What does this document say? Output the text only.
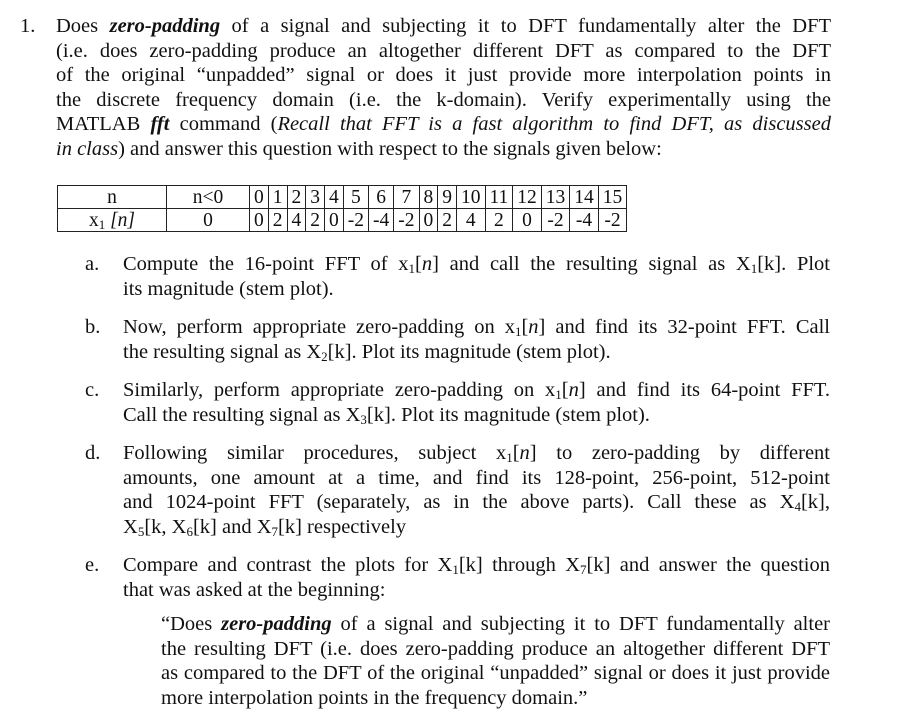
1. Does zero-padding of a signal and subjecting it to DFT fundamentally alter the DFT
(i.e. does zero-padding produce an altogether different DFT as compared to the DFT
of the original “unpadded” signal or does it just provide more interpolation points in
the discrete frequency domain (i.e. the k-domain). Verify experimentally using the
MATLAB fft command (Recall that FFT is a fast algorithm to find DFT, as discussed
in class) and answer this question with respect to the signals given below:
n	n<0	0	1	2	3	4	5	6	7	8	9	10	11	12	13	14	15
$x_1$ [n]	0	0	2	4	2	0	-2	-4	-2	0	2	4	2	0	-2	-4	-2
a. Compute the 16-point FFT of $x_1[n]$ and call the resulting signal as $X_1[k]$. Plot
its magnitude (stem plot).
b. Now, perform appropriate zero-padding on $x_1[n]$ and find its 32-point FFT. Call
the resulting signal as $X_2[k]$. Plot its magnitude (stem plot).
c. Similarly, perform appropriate zero-padding on $x_1[n]$ and find its 64-point FFT.
Call the resulting signal as $X_3[k]$. Plot its magnitude (stem plot).
d. Following similar procedures, subject $x_1[n]$ to zero-padding by different
amounts, one amount at a time, and find its 128-point, 256-point, 512-point
and 1024-point FFT (separately, as in the above parts). Call these as $X_4[k]$,
$X_5[k$, $X_6[k]$ and $X_7[k]$ respectively
e. Compare and contrast the plots for $X_1[k]$ through $X_7[k]$ and answer the question
that was asked at the beginning:
“Does zero-padding of a signal and subjecting it to DFT fundamentally alter
the resulting DFT (i.e. does zero-padding produce an altogether different DFT
as compared to the DFT of the original “unpadded” signal or does it just provide
more interpolation points in the frequency domain.”
